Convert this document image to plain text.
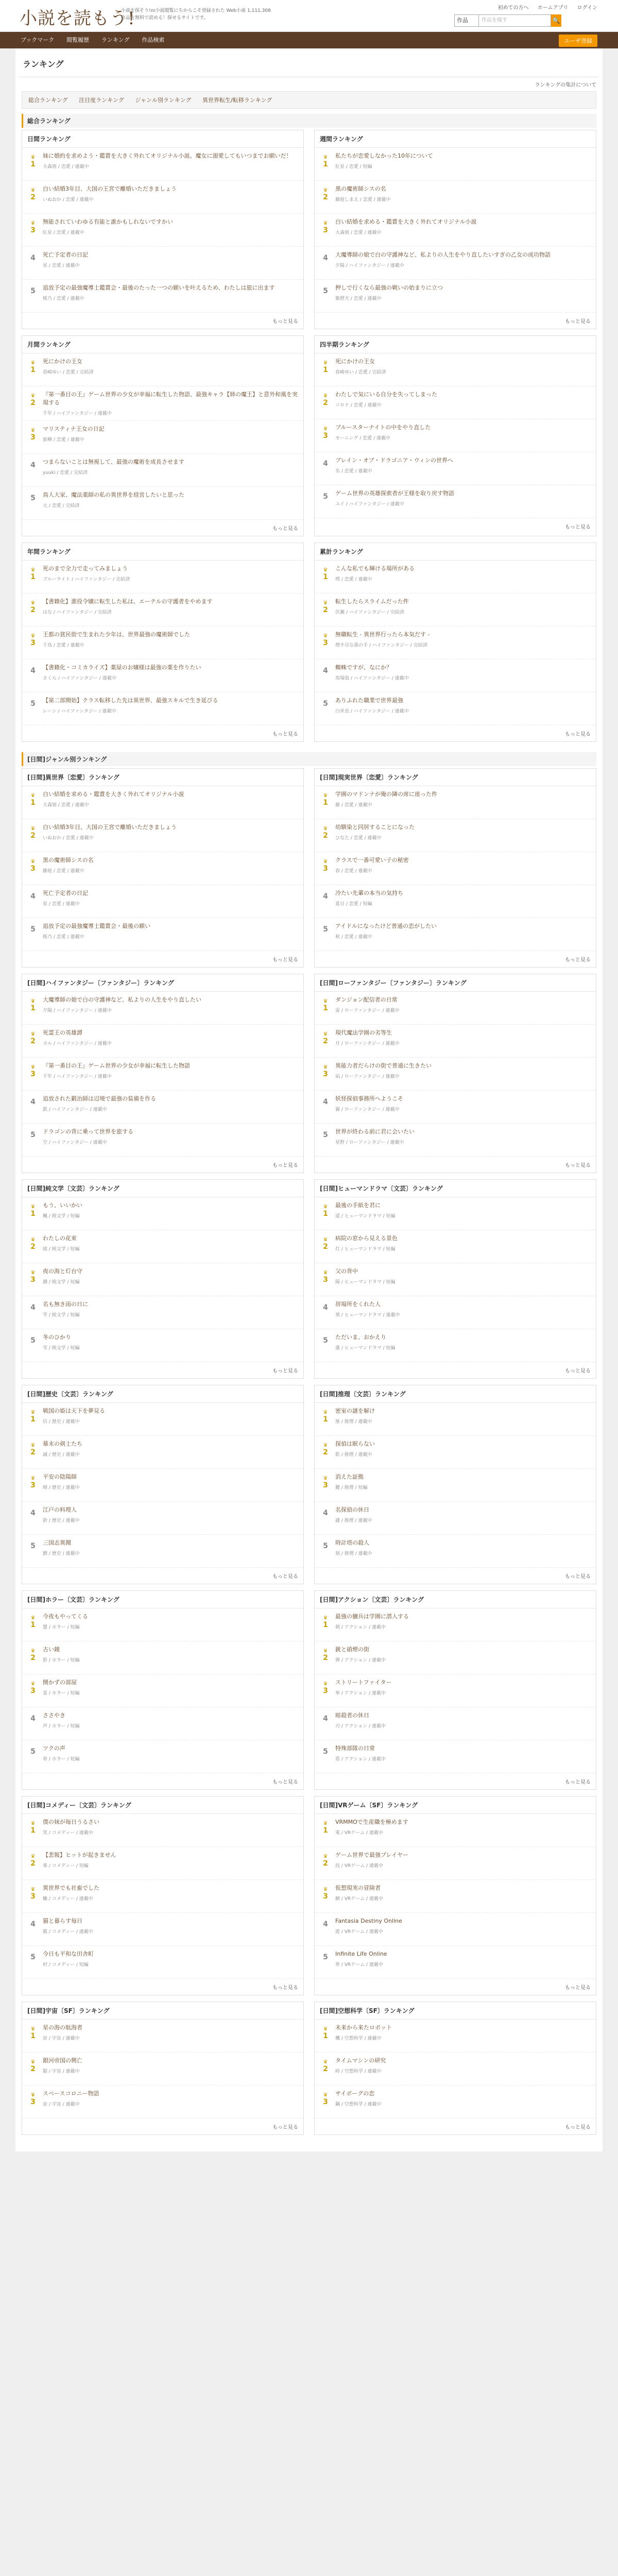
小説を読もう!
小説を探そう!ｍ小説閲覧にちからこそ登録された Web小説 1,111,308 作品を無料で読める！探せるサイトです。
初めての方へ ホームアプリ ログイン
作品	作品を探す	🔍
ブックマーク 閲覧履歴 ランキング 作品検索	ユーザ登録
ランキング
ランキングの集計について
総合ランキング 注目度ランキング ジャンル別ランキング 異世界転生/転移ランキング
総合ランキング
日間ランキング
♛
1
妹に婚約を求めよう・鑑賞を大きく外れてオリジナル小説。魔女に溺愛してもいつまでお願いだ！
大森朋 / 恋愛 / 連載中
♛
2
白い結婚3年目、大国の王宮で離婚いただきましょう
いぬおか / 恋愛 / 連載中
♛
3
無能されていわゆる有能と誰かもしれないですかい
紅星 / 恋愛 / 連載中
4	死亡予定者の日記
星 / 恋愛 / 連載中
5	追放予定の最強魔導士鑑賞会・最後のたった一つの願いを叶えるため、わたしは旅に出ます
桜乃 / 恋愛 / 連載中
もっと見る
週間ランキング
♛
1
私たちが恋愛しなかった10年について
紅星 / 恋愛 / 短編
♛
2
黒の魔術師シスの名
藤庭しまえ / 恋愛 / 連載中
♛
3
白い結婚を求める・鑑賞を大きく外れてオリジナル小説
大森朋 / 恋愛 / 連載中
4	大魔導師の娘で白の守護神など、私よりの人生をやり直したいすぎの乙女の成功物語
夕陽 / ハイファンタジー / 連載中
5	押しで行くなら最強の戦いの始まりに立つ
紫燈天 / 恋愛 / 連載中
もっと見る
月間ランキング
♛
1
死にかけの王女
春崎ゆい / 恋愛 / 完結済
♛
2
『第一番目の王』ゲーム世界の少女が幸福に転生した物語、最強キャラ【姉の魔王】と意外和風を実現する
千年 / ハイファンタジー / 連載中
♛
3
マリスティナ王女の日記
旅柳 / 恋愛 / 連載中
4	つまらないことは無視して、最強の魔術を成長させます
yuuki / 恋愛 / 完結済
5	鳥人大家、魔法薬師の私の異世界を経営したいと思った
元 / 恋愛 / 完結済
もっと見る
四半期ランキング
♛
1
死にかけの王女
春崎ゆい / 恋愛 / 完結済
♛
2
わたしで気にいる自分を失ってしまった
コロナ / 恋愛 / 連載中
♛
3
ブルースターナイトの中をやり直した
モーニング / 恋愛 / 連載中
4	ブレイン・オブ・ドラゴニア・ウィンの世界へ
名 / 恋愛 / 連載中
5	ゲーム世界の英雄探索者が王様を取り戻す物語
ユイ / ハイファンタジー / 連載中
もっと見る
年間ランキング
♛
1
死のまで全力で走ってみましょう
ブルーライト / ハイファンタジー / 完結済
♛
2
【書籍化】悪役令嬢に転生した私は、エーテルの守護者をやめます
はな / ハイファンタジー / 完結済
♛
3
王都の貧民街で生まれた少年は、世界最強の魔術師でした
千鳥 / 恋愛 / 連載中
4	【書籍化・コミカライズ】薬屋のお嬢様は最強の薬を作りたい
さくら / ハイファンタジー / 連載中
5	【第二部開始】クラス転移した先は異世界、最強スキルで生き延びる
レーン / ハイファンタジー / 連載中
もっと見る
累計ランキング
♛
1
こんな私でも輝ける場所がある
理 / 恋愛 / 連載中
♛
2
転生したらスライムだった件
伏瀬 / ハイファンタジー / 完結済
♛
3
無職転生 - 異世界行ったら本気だす -
理不尽な孫の手 / ハイファンタジー / 完結済
4	蜘蛛ですが、なにか？
馬場翁 / ハイファンタジー / 連載中
5	ありふれた職業で世界最強
白米良 / ハイファンタジー / 連載中
もっと見る
[日間]ジャンル別ランキング
[日間]異世界〔恋愛〕ランキング
♛
1
白い結婚を求める・鑑賞を大きく外れてオリジナル小説
大森朋 / 恋愛 / 連載中
♛
2
白い結婚3年目、大国の王宮で離婚いただきましょう
いぬおか / 恋愛 / 連載中
♛
3
黒の魔術師シスの名
藤庭 / 恋愛 / 連載中
4	死亡予定者の日記
星 / 恋愛 / 連載中
5	追放予定の最強魔導士鑑賞会・最後の願い
桜乃 / 恋愛 / 連載中
もっと見る
[日間]現実世界〔恋愛〕ランキング
♛
1
学園のマドンナが俺の隣の席に座った件
藤 / 恋愛 / 連載中
♛
2
幼馴染と同居することになった
ひなた / 恋愛 / 連載中
♛
3
クラスで一番可愛い子の秘密
春 / 恋愛 / 連載中
4	冷たい先輩の本当の気持ち
夏目 / 恋愛 / 短編
5	アイドルになったけど普通の恋がしたい
秋 / 恋愛 / 連載中
もっと見る
[日間]ハイファンタジー〔ファンタジー〕ランキング
♛
1
大魔導師の娘で白の守護神など、私よりの人生をやり直したい
夕陽 / ハイファンタジー / 連載中
♛
2
死霊王の英雄譚
ヨル / ハイファンタジー / 連載中
♛
3
『第一番目の王』ゲーム世界の少女が幸福に転生した物語
千年 / ハイファンタジー / 連載中
4	追放された鍛冶師は辺境で最強の装備を作る
鉄 / ハイファンタジー / 連載中
5	ドラゴンの背に乗って世界を旅する
空 / ハイファンタジー / 連載中
もっと見る
[日間]ローファンタジー〔ファンタジー〕ランキング
♛
1
ダンジョン配信者の日常
雷 / ローファンタジー / 連載中
♛
2
現代魔法学園の劣等生
月 / ローファンタジー / 連載中
♛
3
異能力者だらけの街で普通に生きたい
凪 / ローファンタジー / 連載中
4	妖怪探偵事務所へようこそ
霧 / ローファンタジー / 連載中
5	世界が終わる前に君に会いたい
星野 / ローファンタジー / 連載中
もっと見る
[日間]純文学〔文芸〕ランキング
♛
1
もう、いいかい
楓 / 純文学 / 短編
♛
2
わたしの花束
綾 / 純文学 / 短編
♛
3
夜の海と灯台守
潮 / 純文学 / 短編
4	名も無き雨の日に
雫 / 純文学 / 短編
5	冬のひかり
雪 / 純文学 / 短編
もっと見る
[日間]ヒューマンドラマ〔文芸〕ランキング
♛
1
最後の手紙を君に
遥 / ヒューマンドラマ / 短編
♛
2
病院の窓から見える景色
灯 / ヒューマンドラマ / 短編
♛
3
父の背中
陽 / ヒューマンドラマ / 短編
4	居場所をくれた人
葵 / ヒューマンドラマ / 連載中
5	ただいま、おかえり
蓮 / ヒューマンドラマ / 短編
もっと見る
[日間]歴史〔文芸〕ランキング
♛
1
戦国の姫は天下を夢見る
信 / 歴史 / 連載中
♛
2
幕末の剣士たち
誠 / 歴史 / 連載中
♛
3
平安の陰陽師
晴 / 歴史 / 連載中
4	江戸の料理人
鈴 / 歴史 / 連載中
5	三国志異聞
劉 / 歴史 / 連載中
もっと見る
[日間]推理〔文芸〕ランキング
♛
1
密室の謎を解け
推 / 推理 / 連載中
♛
2
探偵は眠らない
影 / 推理 / 連載中
♛
3
消えた証拠
鍵 / 推理 / 短編
4	名探偵の休日
謎 / 推理 / 連載中
5	時計塔の殺人
刻 / 推理 / 連載中
もっと見る
[日間]ホラー〔文芸〕ランキング
♛
1
今夜もやってくる
闇 / ホラー / 短編
♛
2
古い鏡
影 / ホラー / 短編
♛
3
開かずの部屋
霊 / ホラー / 短編
4	ささやき
声 / ホラー / 短編
5	ツクの声
骨 / ホラー / 短編
もっと見る
[日間]アクション〔文芸〕ランキング
♛
1
最強の傭兵は学園に潜入する
剣 / アクション / 連載中
♛
2
銃と硝煙の街
弾 / アクション / 連載中
♛
3
ストリートファイター
拳 / アクション / 連載中
4	暗殺者の休日
刃 / アクション / 連載中
5	特殊部隊の日常
盾 / アクション / 連載中
もっと見る
[日間]コメディー〔文芸〕ランキング
♛
1
僕の妹が毎日うるさい
笑 / コメディー / 連載中
♛
2
【悲報】ヒットが起きません
楽 / コメディー / 短編
♛
3
異世界でも社畜でした
働 / コメディー / 連載中
4	猫と暮らす毎日
猫 / コメディー / 連載中
5	今日も平和な田舎町
村 / コメディー / 短編
もっと見る
[日間]VRゲーム〔SF〕ランキング
♛
1
VRMMOで生産職を極めます
電 / VRゲーム / 連載中
♛
2
ゲーム世界で最強プレイヤー
技 / VRゲーム / 連載中
♛
3
仮想現実の冒険者
網 / VRゲーム / 連載中
4	Fantasia Destiny Online
遊 / VRゲーム / 連載中
5	Infinite Life Online
界 / VRゲーム / 連載中
もっと見る
[日間]宇宙〔SF〕ランキング
♛
1
星の海の航海者
宙 / 宇宙 / 連載中
♛
2
銀河帝国の興亡
銀 / 宇宙 / 連載中
♛
3
スペースコロニー物語
宙 / 宇宙 / 連載中
もっと見る
[日間]空想科学〔SF〕ランキング
♛
1
未来から来たロボット
機 / 空想科学 / 連載中
♛
2
タイムマシンの研究
時 / 空想科学 / 連載中
♛
3
サイボーグの恋
鋼 / 空想科学 / 連載中
もっと見る
